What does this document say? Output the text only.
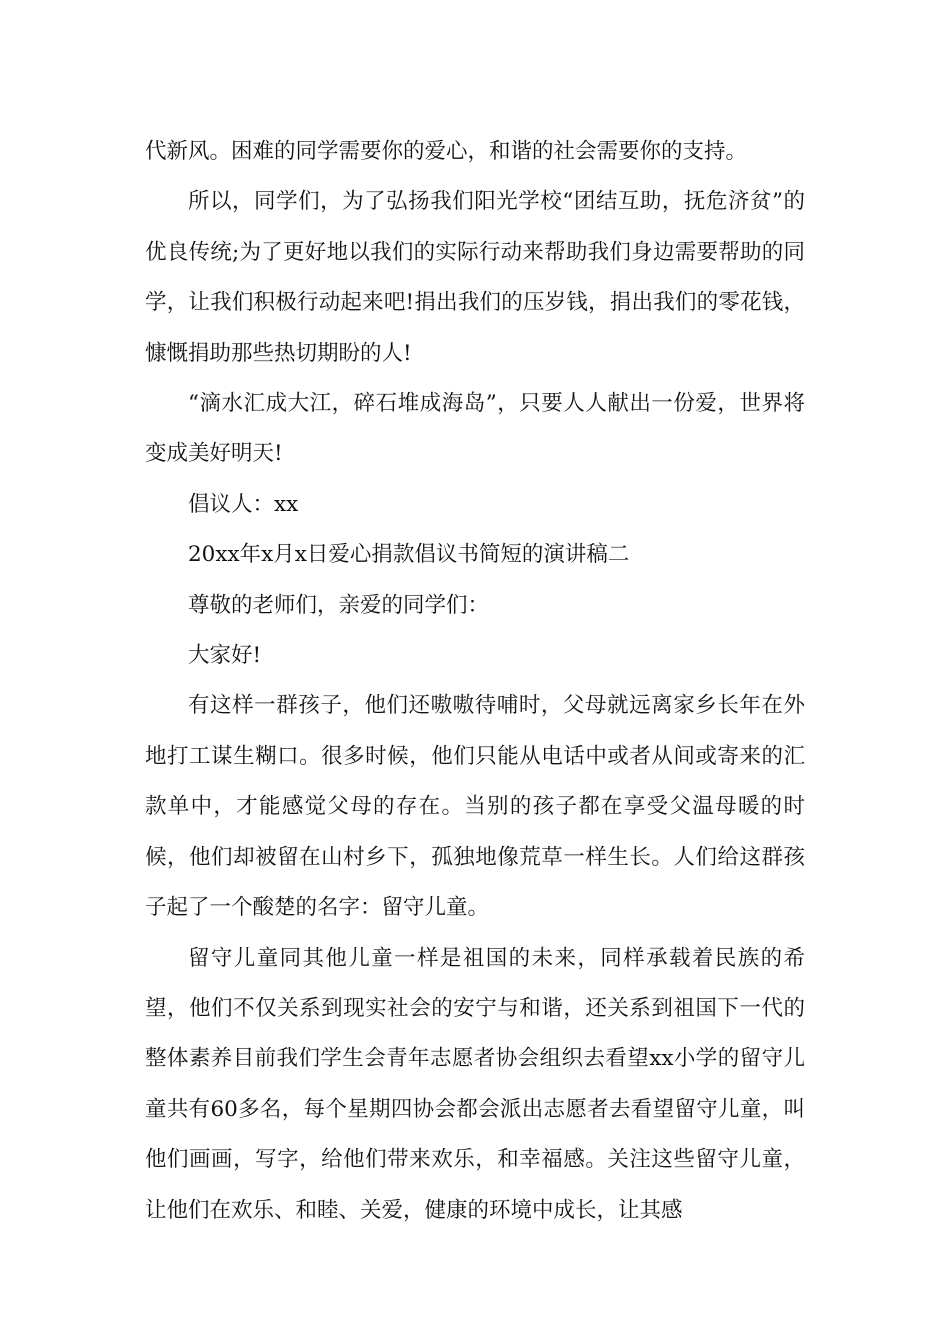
代新风。困难的同学需要你的爱心，和谐的社会需要你的支持。

所以，同学们，为了弘扬我们阳光学校“团结互助，抚危济贫”的优良传统;为了更好地以我们的实际行动来帮助我们身边需要帮助的同学，让我们积极行动起来吧!捐出我们的压岁钱，捐出我们的零花钱，慷慨捐助那些热切期盼的人!

“滴水汇成大江，碎石堆成海岛”，只要人人献出一份爱，世界将变成美好明天!

倡议人：xx

20xx年x月x日爱心捐款倡议书简短的演讲稿二

尊敬的老师们，亲爱的同学们：

大家好!

有这样一群孩子，他们还嗷嗷待哺时，父母就远离家乡长年在外地打工谋生糊口。很多时候，他们只能从电话中或者从间或寄来的汇款单中，才能感觉父母的存在。当别的孩子都在享受父温母暖的时候，他们却被留在山村乡下，孤独地像荒草一样生长。人们给这群孩子起了一个酸楚的名字：留守儿童。

留守儿童同其他儿童一样是祖国的未来，同样承载着民族的希望，他们不仅关系到现实社会的安宁与和谐，还关系到祖国下一代的整体素养目前我们学生会青年志愿者协会组织去看望xx小学的留守儿童共有60多名，每个星期四协会都会派出志愿者去看望留守儿童，叫他们画画，写字，给他们带来欢乐，和幸福感。关注这些留守儿童，让他们在欢乐、和睦、关爱，健康的环境中成长，让其感
